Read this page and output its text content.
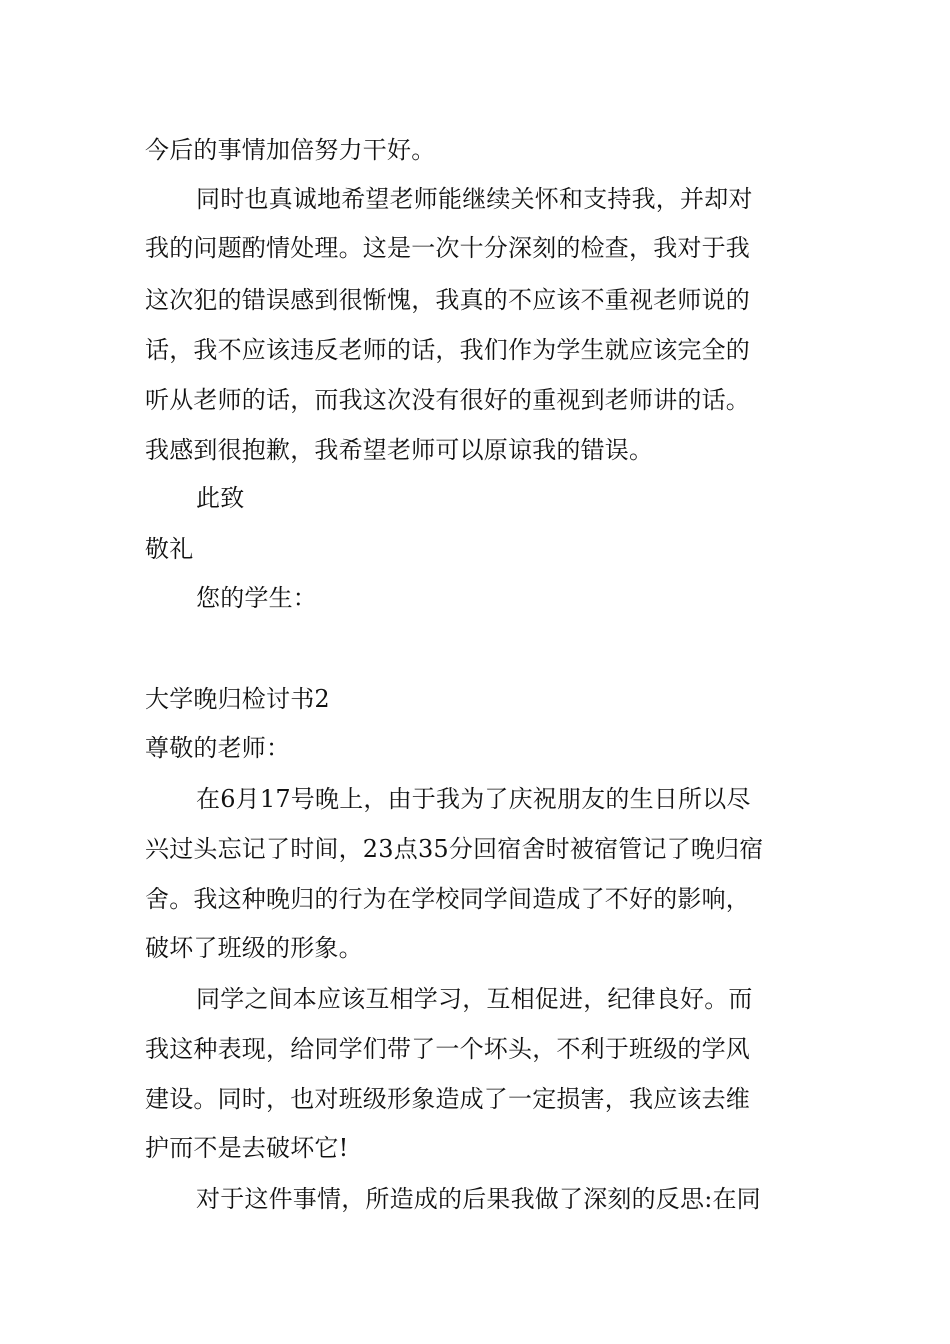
今后的事情加倍努力干好。
同时也真诚地希望老师能继续关怀和支持我，并却对
我的问题酌情处理。这是一次十分深刻的检查，我对于我
这次犯的错误感到很惭愧，我真的不应该不重视老师说的
话，我不应该违反老师的话，我们作为学生就应该完全的
听从老师的话，而我这次没有很好的重视到老师讲的话。
我感到很抱歉，我希望老师可以原谅我的错误。
此致
敬礼
您的学生：
大学晚归检讨书2
尊敬的老师：
在6月17号晚上，由于我为了庆祝朋友的生日所以尽
兴过头忘记了时间，23点35分回宿舍时被宿管记了晚归宿
舍。我这种晚归的行为在学校同学间造成了不好的影响，
破坏了班级的形象。
同学之间本应该互相学习，互相促进，纪律良好。而
我这种表现，给同学们带了一个坏头，不利于班级的学风
建设。同时，也对班级形象造成了一定损害，我应该去维
护而不是去破坏它!
对于这件事情，所造成的后果我做了深刻的反思:在同
